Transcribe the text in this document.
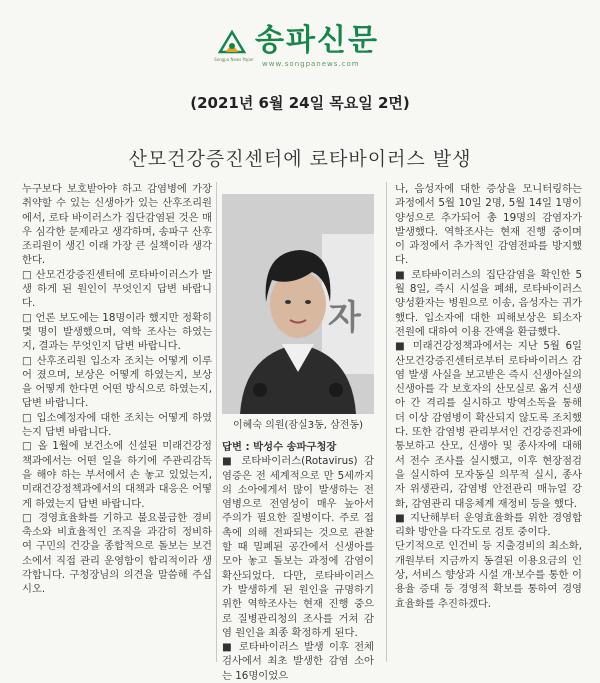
Songpa News Paper
송파신문
www.songpanews.com
(2021년 6월 24일 목요일 2면)
산모건강증진센터에 로타바이러스 발생

누구보다 보호받아야 하고 감염병에 가장 취약할 수 있는 신생아가 있는 산후조리원에서, 로타 바이러스가 집단감염된 것은 매우 심각한 문제라고 생각하며, 송파구 산후조리원이 생긴 이래 가장 큰 실책이라 생각한다.

□ 산모건강증진센터에 로타바이러스가 발생 하게 된 원인이 무엇인지 답변 바랍니다.

□ 언론 보도에는 18명이라 했지만 정확히 몇 명이 발생했으며, 역학 조사는 하였는지, 결과는 무엇인지 답변 바랍니다.

□ 산후조리원 입소자 조치는 어떻게 이루어 졌으며, 보상은 어떻게 하였는지, 보상을 어떻게 한다면 어떤 방식으로 하였는지, 답변 바랍니다.

□ 입소예정자에 대한 조치는 어떻게 하였는지 답변 바랍니다.

□ 올 1월에 보건소에 신설된 미래건강정책과에서는 어떤 일을 하기에 주관리감독을 해야 하는 부서에서 손 놓고 있었는지, 미래건강정책과에서의 대책과 대응은 어떻게 하였는지 답변 바랍니다.

□ 경영효율화를 기하고 불요불급한 경비 축소와 비효율적인 조직을 과감히 정비하여 구민의 건강을 종합적으로 돌보는 보건소에서 직접 관리 운영함이 합리적이라 생각합니다. 구청장님의 의견을 말씀해 주십시오.

자
이혜숙 의원(잠실3동, 삼전동)

답변 : 박성수 송파구청장

■ 로타바이러스(Rotavirus) 감염증은 전 세계적으로 만 5세까지의 소아에게서 많이 발생하는 전염병으로 전염성이 매우 높아서 주의가 필요한 질병이다. 주로 접촉에 의해 전파되는 것으로 관찰 할 때 밀폐된 공간에서 신생아를 모아 놓고 돌보는 과정에 감염이 확산되었다. 다만, 로타바이러스가 발생하게 된 원인을 규명하기 위한 역학조사는 현재 진행 중으로 질병관리청의 조사를 거쳐 감염 원인을 최종 확정하게 된다.

■ 로타바이러스 발생 이후 전체검사에서 최초 발생한 감염 소아는 16명이었으

나, 음성자에 대한 증상을 모니터링하는 과정에서 5월 10일 2명, 5월 14일 1명이 양성으로 추가되어 총 19명의 감염자가 발생했다. 역학조사는 현재 진행 중이며 이 과정에서 추가적인 감염전파를 방지했다.

■ 로타바이러스의 집단감염을 확인한 5월 8일, 즉시 시설을 폐쇄, 로타바이러스 양성환자는 병원으로 이송, 음성자는 귀가했다. 입소자에 대한 피해보상은 퇴소자 전원에 대하여 이용 잔액을 환급했다.

■ 미래건강정책과에서는 지난 5월 6일 산모건강증진센터로부터 로타바이러스 감염 발생 사실을 보고받은 즉시 신생아실의 신생아를 각 보호자의 산모실로 옮겨 신생아 간 격리를 실시하고 방역소독을 통해 더 이상 감염병이 확산되지 않도록 조치했다. 또한 감염병 관리부서인 건강증진과에 통보하고 산모, 신생아 및 종사자에 대해서 전수 조사를 실시했고, 이후 현장점검을 실시하여 모자동실 의무적 실시, 종사자 위생관리, 감염병 안전관리 매뉴얼 강화, 감염관리 대응체계 재정비 등을 했다.

■ 지난해부터 운영효율화를 위한 경영합리화 방안을 다각도로 검토 중이다.

단기적으로 인건비 등 지출경비의 최소화, 개원부터 지금까지 동결된 이용요금의 인상, 서비스 향상과 시설 개·보수를 통한 이용율 증대 등 경영적 확보를 통하여 경영효율화를 추진하겠다.
